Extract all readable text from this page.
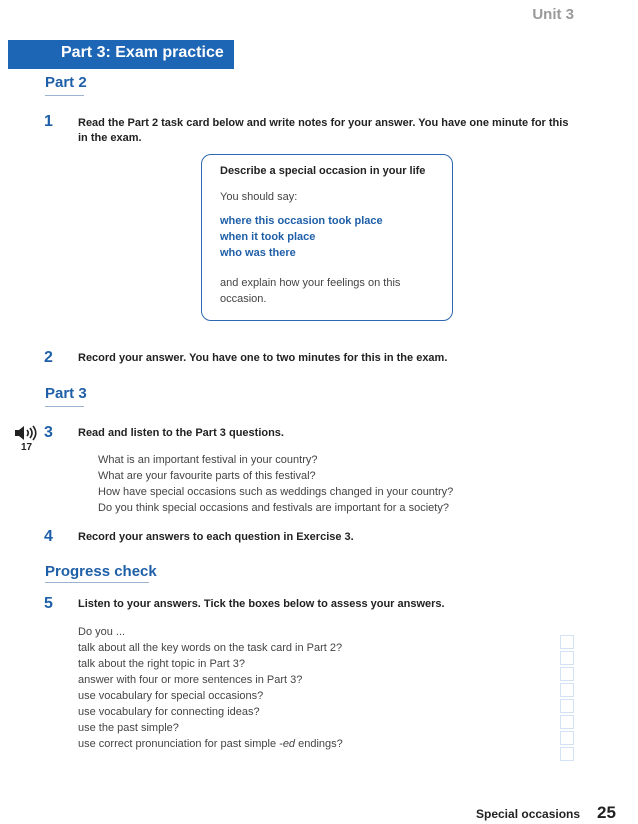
Unit 3
Part 3: Exam practice
Part 2
1 Read the Part 2 task card below and write notes for your answer. You have one minute for this in the exam.
Describe a special occasion in your life
You should say:
where this occasion took place
when it took place
who was there
and explain how your feelings on this occasion.
2 Record your answer. You have one to two minutes for this in the exam.
Part 3
17
3 Read and listen to the Part 3 questions.
What is an important festival in your country?
What are your favourite parts of this festival?
How have special occasions such as weddings changed in your country?
Do you think special occasions and festivals are important for a society?
4 Record your answers to each question in Exercise 3.
Progress check
5 Listen to your answers. Tick the boxes below to assess your answers.
Do you ...
talk about all the key words on the task card in Part 2?
talk about the right topic in Part 3?
answer with four or more sentences in Part 3?
use vocabulary for special occasions?
use vocabulary for connecting ideas?
use the past simple?
use correct pronunciation for past simple -ed endings?
Special occasions 25
